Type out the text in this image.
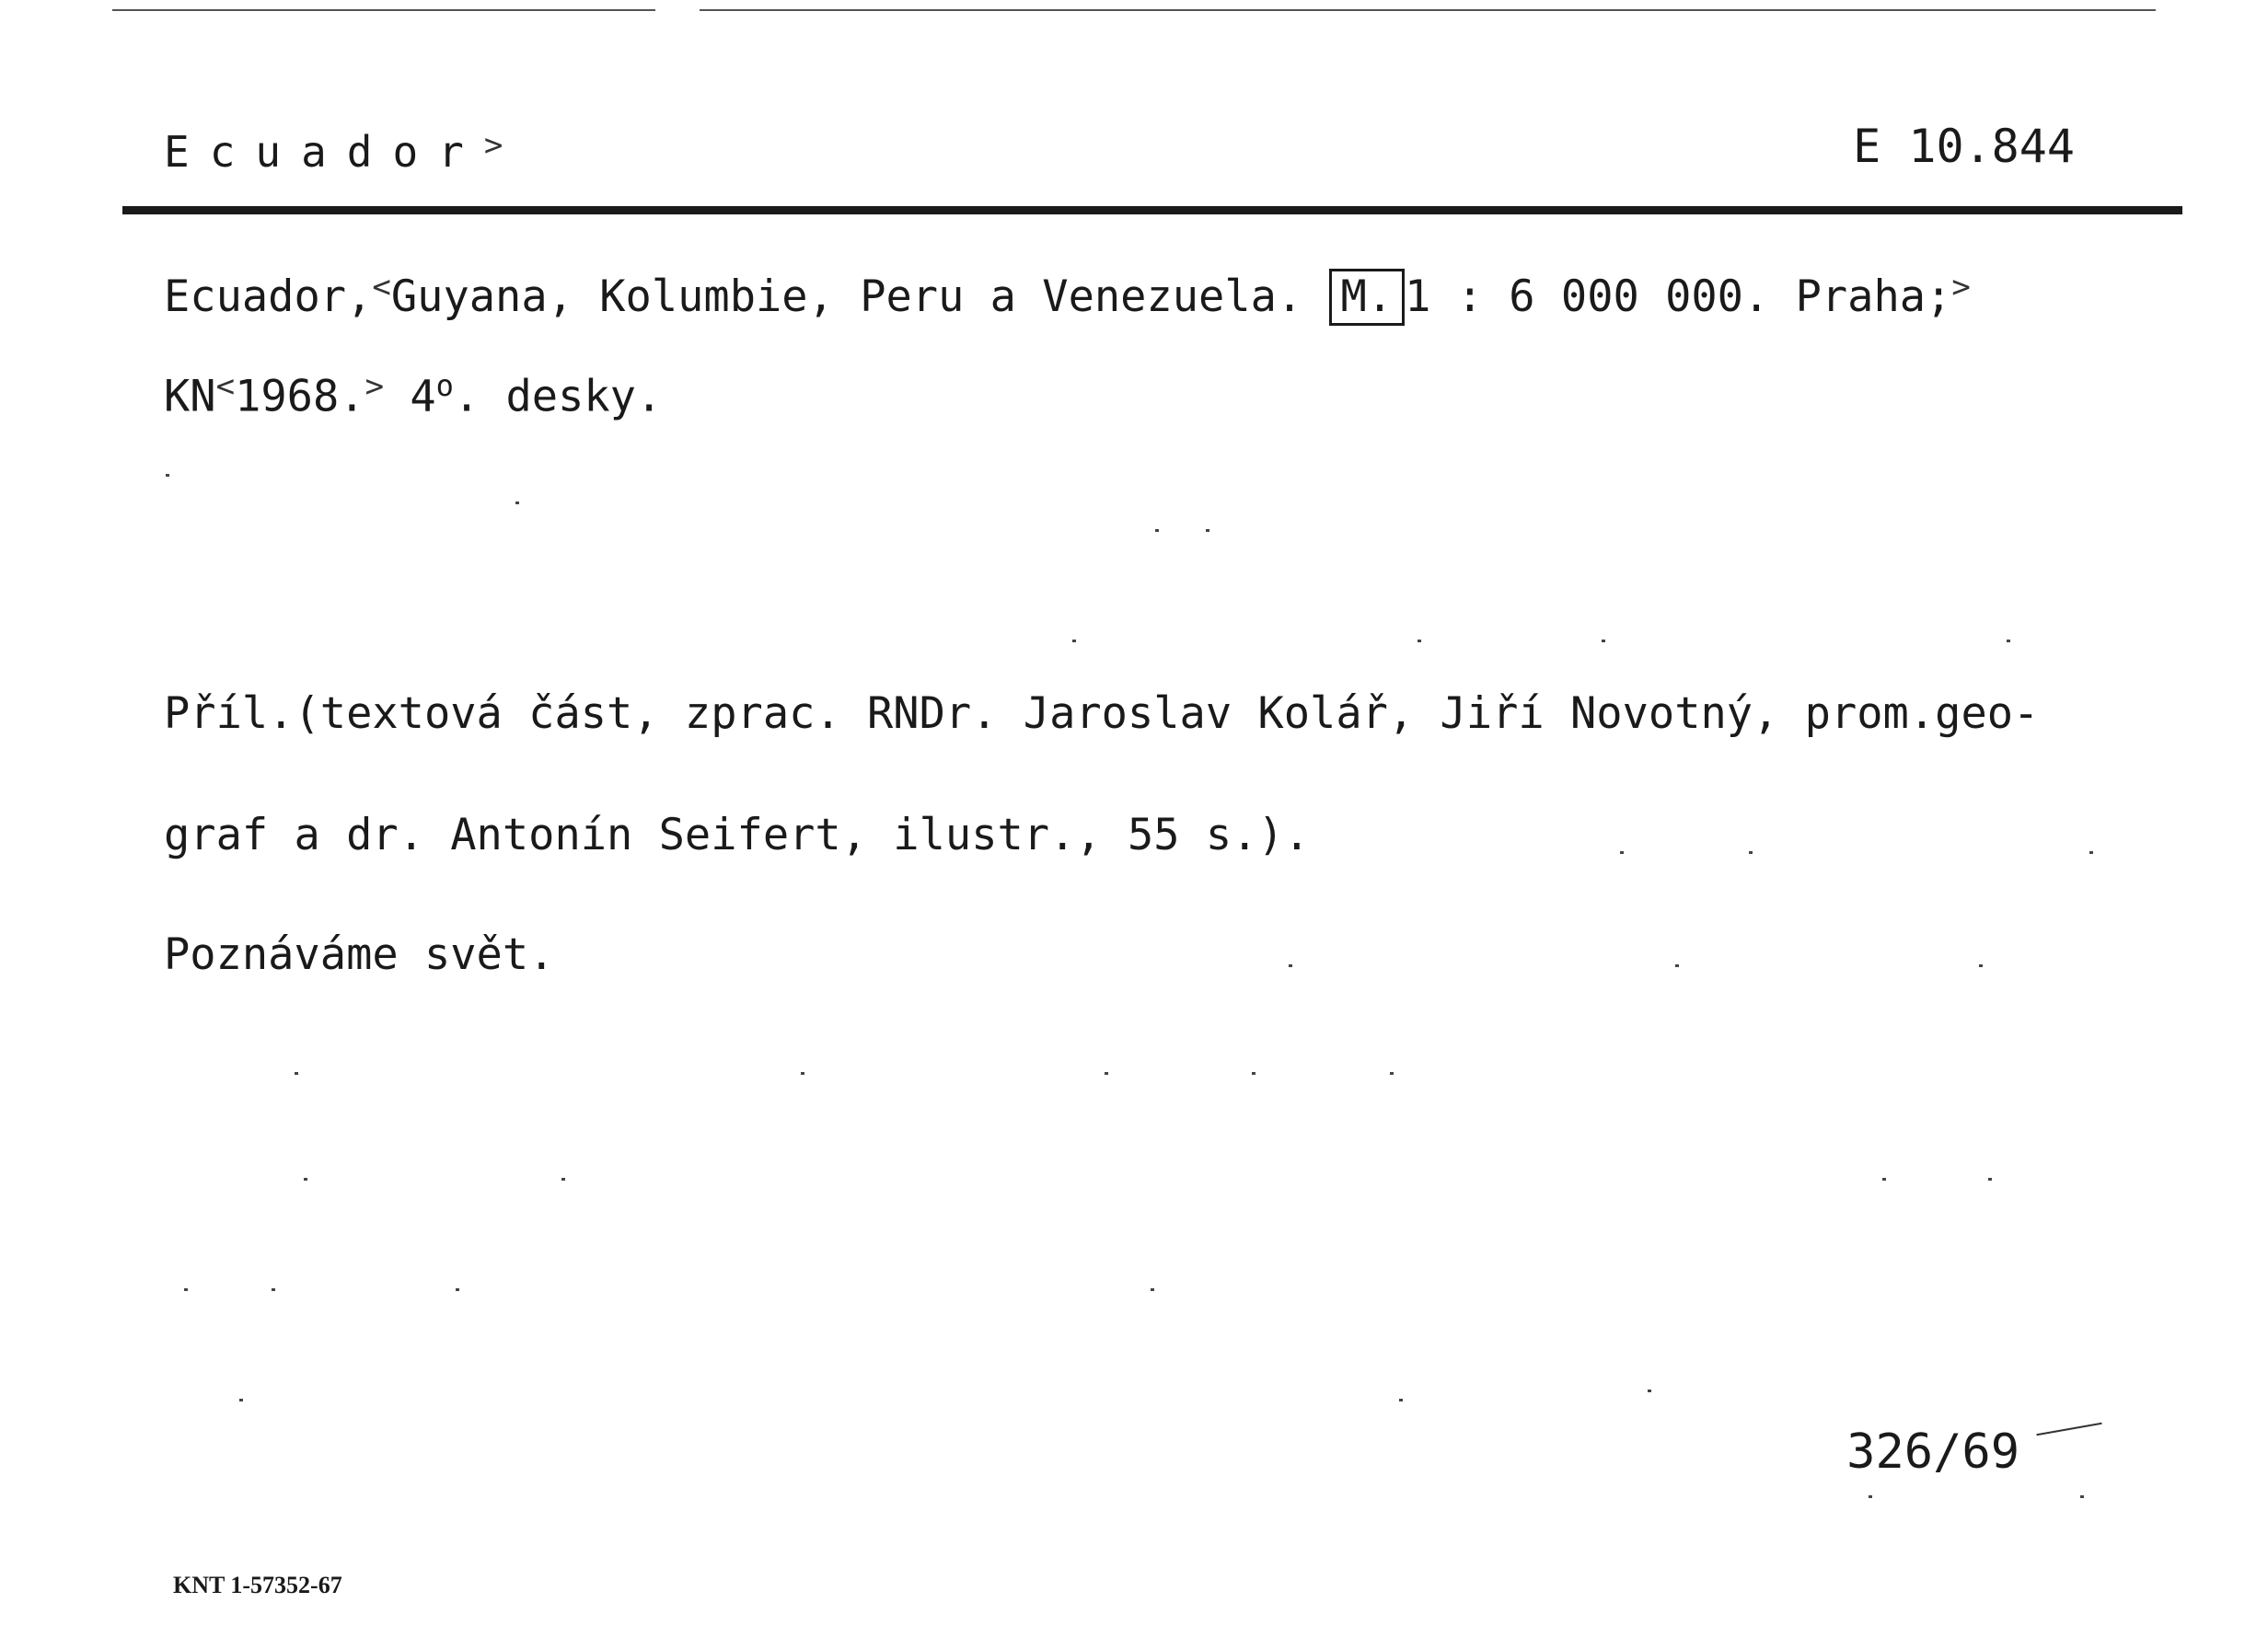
Ecuador>	E 10.844
Ecuador,<Guyana, Kolumbie, Peru a Venezuela. M. 1 : 6 000 000. Praha;>
KN<1968.> 4$^o$. desky.
Příl.(textová část, zprac. RNDr. Jaroslav Kolář, Jiří Novotný, prom.geo-
graf a dr. Antonín Seifert, ilustr., 55 s.).
Poznáváme svět.
326/69
KNT 1-57352-67
